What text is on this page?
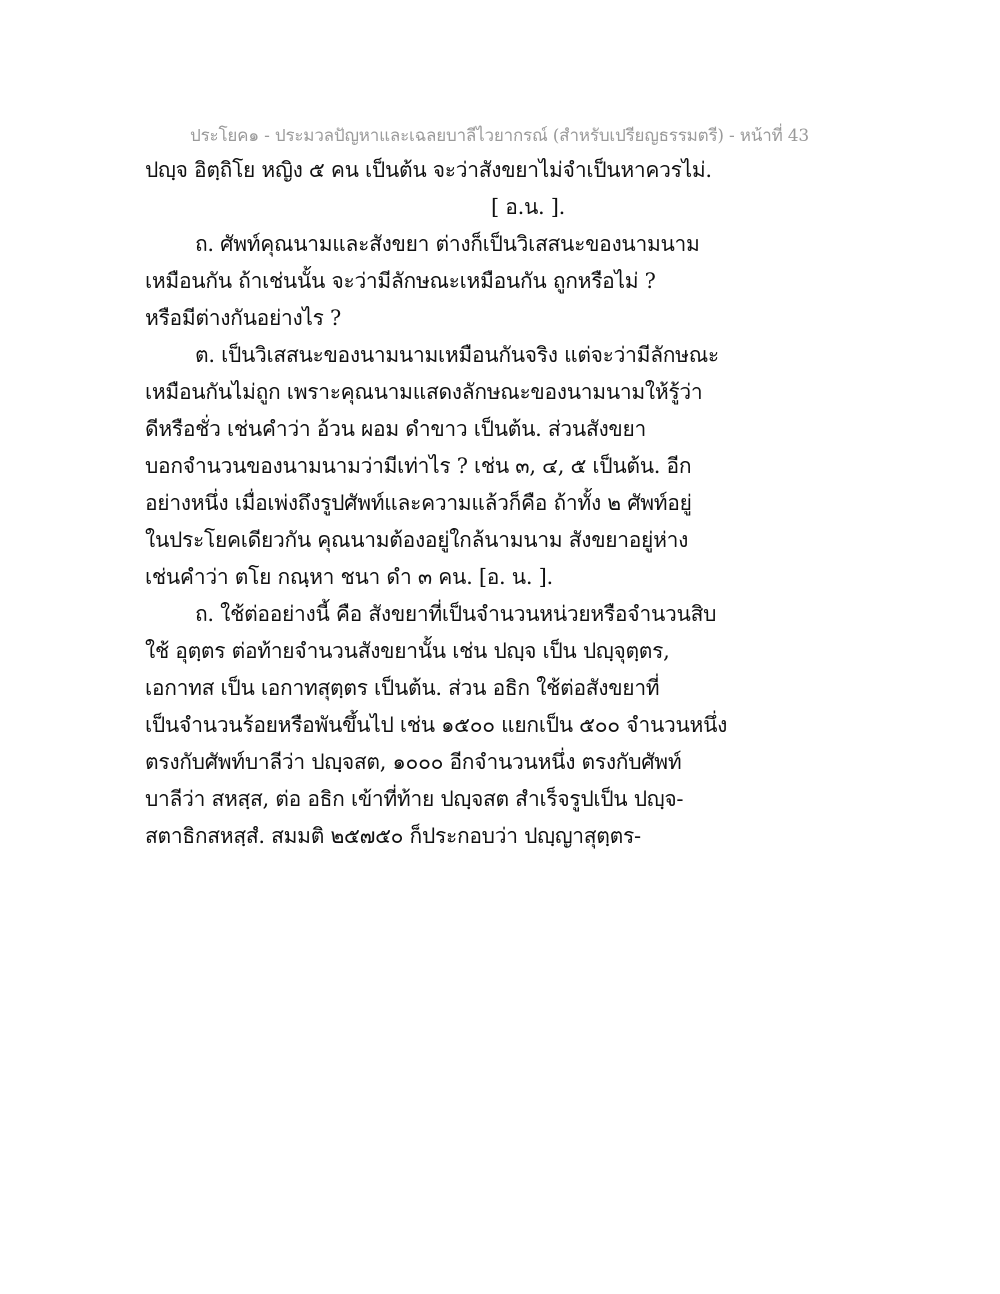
ประโยค๑ - ประมวลปัญหาและเฉลยบาลีไวยากรณ์ (สำหรับเปรียญธรรมตรี) - หน้าที่ 43
ปญฺจ อิตฺถิโย หญิง ๕ คน เป็นต้น จะว่าสังขยาไม่จำเป็นหาควรไม่.
[ อ.น. ].
ถ. ศัพท์คุณนามและสังขยา ต่างก็เป็นวิเสสนะของนามนาม
เหมือนกัน ถ้าเช่นนั้น จะว่ามีลักษณะเหมือนกัน ถูกหรือไม่ ?
หรือมีต่างกันอย่างไร ?
ต. เป็นวิเสสนะของนามนามเหมือนกันจริง แต่จะว่ามีลักษณะ
เหมือนกันไม่ถูก เพราะคุณนามแสดงลักษณะของนามนามให้รู้ว่า
ดีหรือชั่ว เช่นคำว่า อ้วน ผอม ดำขาว เป็นต้น. ส่วนสังขยา
บอกจำนวนของนามนามว่ามีเท่าไร ? เช่น ๓, ๔, ๕ เป็นต้น. อีก
อย่างหนึ่ง เมื่อเพ่งถึงรูปศัพท์และความแล้วก็คือ ถ้าทั้ง ๒ ศัพท์อยู่
ในประโยคเดียวกัน คุณนามต้องอยู่ใกล้นามนาม สังขยาอยู่ห่าง
เช่นคำว่า ตโย กณฺหา ชนา ดำ ๓ คน. [อ. น. ].
ถ. ใช้ต่ออย่างนี้ คือ สังขยาที่เป็นจำนวนหน่วยหรือจำนวนสิบ
ใช้ อุตฺตร ต่อท้ายจำนวนสังขยานั้น เช่น ปญฺจ เป็น ปญฺจุตฺตร,
เอกาทส เป็น เอกาทสุตฺตร เป็นต้น. ส่วน อธิก ใช้ต่อสังขยาที่
เป็นจำนวนร้อยหรือพันขึ้นไป เช่น ๑๕๐๐ แยกเป็น ๕๐๐ จำนวนหนึ่ง
ตรงกับศัพท์บาลีว่า ปญฺจสต, ๑๐๐๐ อีกจำนวนหนึ่ง ตรงกับศัพท์
บาลีว่า สหสฺส, ต่อ อธิก เข้าที่ท้าย ปญฺจสต สำเร็จรูปเป็น ปญฺจ-
สตาธิกสหสฺสํ. สมมติ ๒๕๗๕๐ ก็ประกอบว่า ปญฺญาสุตฺตร-
